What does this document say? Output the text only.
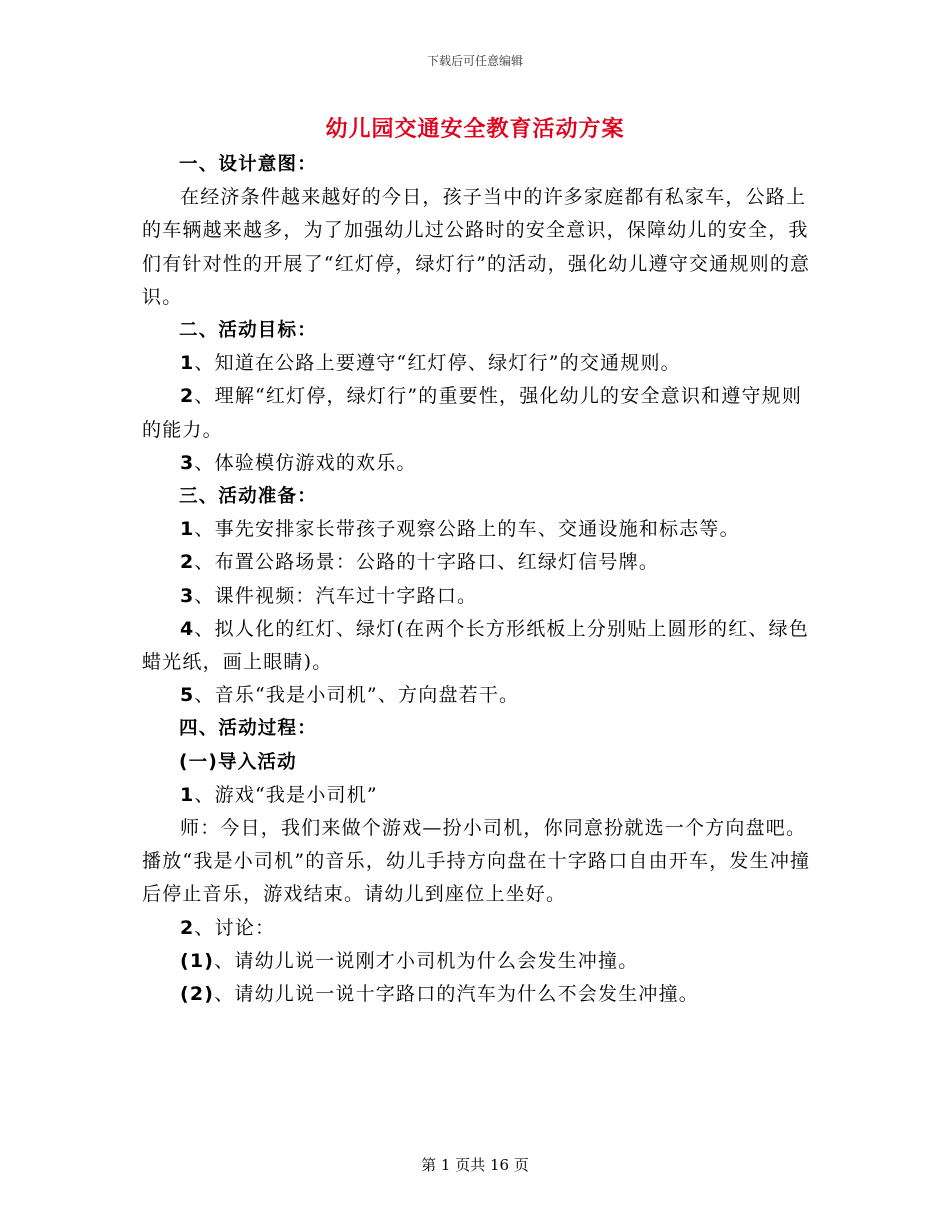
下载后可任意编辑
幼儿园交通安全教育活动方案

一、设计意图：

在经济条件越来越好的今日，孩子当中的许多家庭都有私家车，公路上的车辆越来越多，为了加强幼儿过公路时的安全意识，保障幼儿的安全，我们有针对性的开展了“红灯停，绿灯行”的活动，强化幼儿遵守交通规则的意识。

二、活动目标：

1、知道在公路上要遵守“红灯停、绿灯行”的交通规则。

2、理解“红灯停，绿灯行”的重要性，强化幼儿的安全意识和遵守规则的能力。

3、体验模仿游戏的欢乐。

三、活动准备：

1、事先安排家长带孩子观察公路上的车、交通设施和标志等。

2、布置公路场景：公路的十字路口、红绿灯信号牌。

3、课件视频：汽车过十字路口。

4、拟人化的红灯、绿灯(在两个长方形纸板上分别贴上圆形的红、绿色蜡光纸，画上眼睛)。

5、音乐“我是小司机”、方向盘若干。

四、活动过程：

(一)导入活动

1、游戏“我是小司机”

师：今日，我们来做个游戏—扮小司机，你同意扮就选一个方向盘吧。播放“我是小司机”的音乐，幼儿手持方向盘在十字路口自由开车，发生冲撞后停止音乐，游戏结束。请幼儿到座位上坐好。

2、讨论：

(1)、请幼儿说一说刚才小司机为什么会发生冲撞。

(2)、请幼儿说一说十字路口的汽车为什么不会发生冲撞。

第 1 页共 16 页
